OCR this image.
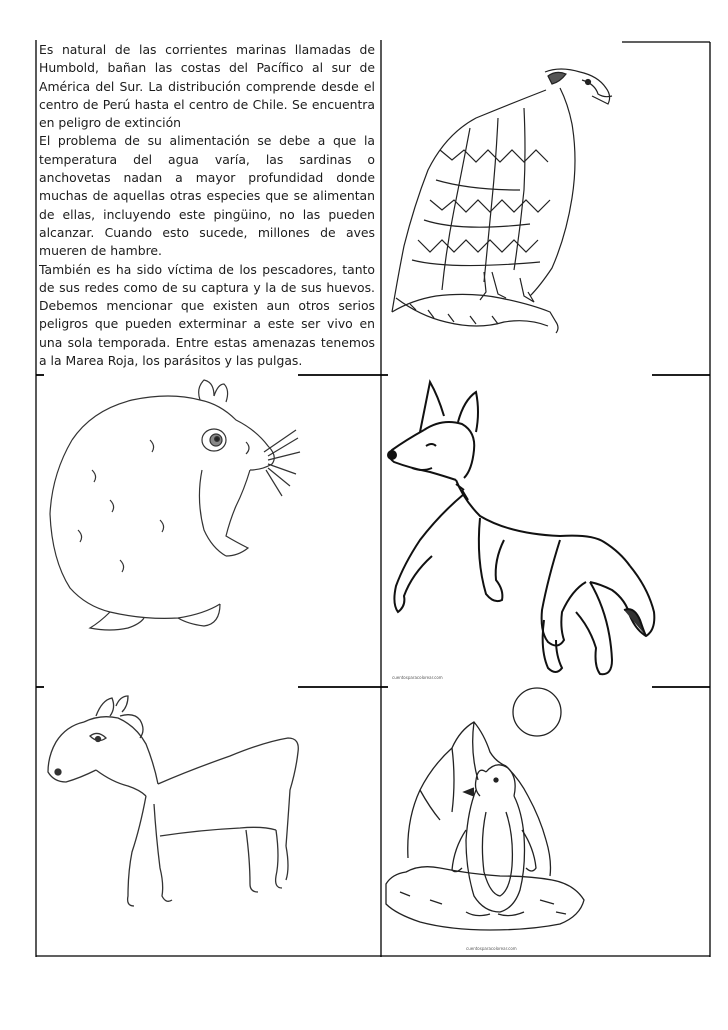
Es natural de las corrientes marinas llamadas de Humbold, bañan las costas del Pacífico al sur de América del Sur. La distribución comprende desde el centro de Perú hasta el centro de Chile. Se encuentra en peligro de extinción

El problema de su alimentación se debe a que la temperatura del agua varía, las sardinas o anchovetas nadan a mayor profundidad donde muchas de aquellas otras especies que se alimentan de ellas, incluyendo este pingüino, no las pueden alcanzar. Cuando esto sucede, millones de aves mueren de hambre.

También es ha sido víctima de los pescadores, tanto de sus redes como de su captura y la de sus huevos. Debemos mencionar que existen aun otros serios peligros que pueden exterminar a este ser vivo en una sola temporada. Entre estas amenazas tenemos a la Marea Roja, los parásitos y las pulgas.

cuentosparacolorear.com
cuentosparacolorear.com
